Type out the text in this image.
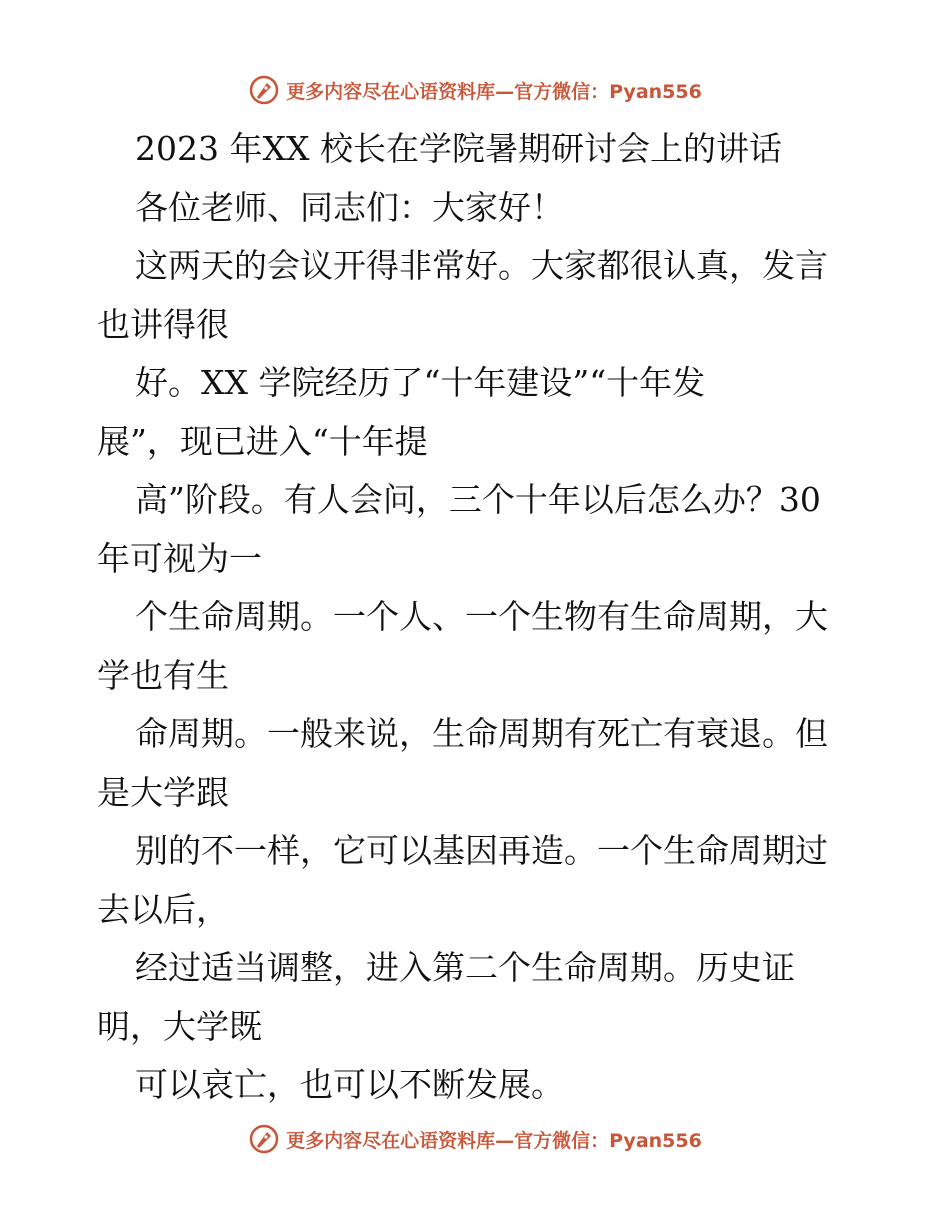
更多内容尽在心语资料库—官方微信：Pyan556
2023 年XX 校长在学院暑期研讨会上的讲话
各位老师、同志们：大家好！
这两天的会议开得非常好。大家都很认真，发言
也讲得很
好。XX 学院经历了“十年建设”“十年发
展”，现已进入“十年提
高”阶段。有人会问，三个十年以后怎么办？30
年可视为一
个生命周期。一个人、一个生物有生命周期，大
学也有生
命周期。一般来说，生命周期有死亡有衰退。但
是大学跟
别的不一样，它可以基因再造。一个生命周期过
去以后，
经过适当调整，进入第二个生命周期。历史证
明，大学既
可以哀亡，也可以不断发展。
更多内容尽在心语资料库—官方微信：Pyan556
